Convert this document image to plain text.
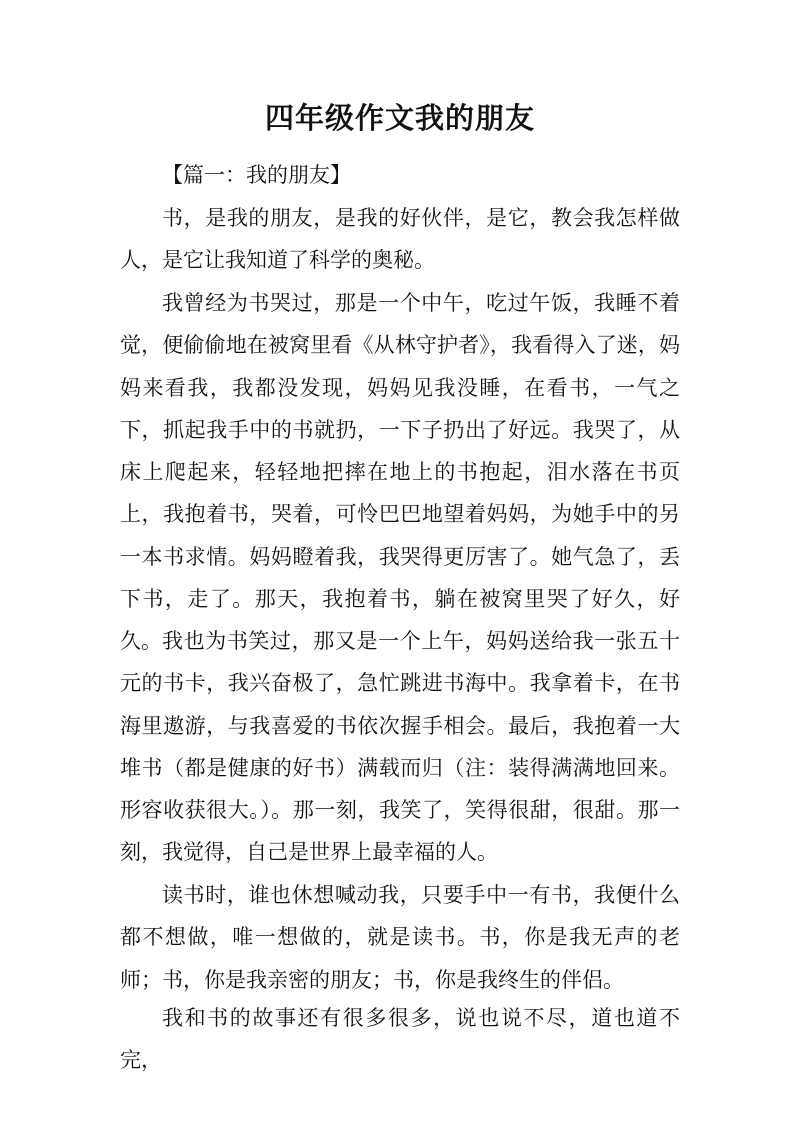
四年级作文我的朋友
【篇一：我的朋友】
书，是我的朋友，是我的好伙伴，是它，教会我怎样做人，是它让我知道了科学的奥秘。
我曾经为书哭过，那是一个中午，吃过午饭，我睡不着觉，便偷偷地在被窝里看《从林守护者》，我看得入了迷，妈妈来看我，我都没发现，妈妈见我没睡，在看书，一气之下，抓起我手中的书就扔，一下子扔出了好远。我哭了，从床上爬起来，轻轻地把摔在地上的书抱起，泪水落在书页上，我抱着书，哭着，可怜巴巴地望着妈妈，为她手中的另一本书求情。妈妈瞪着我，我哭得更厉害了。她气急了，丢下书，走了。那天，我抱着书，躺在被窝里哭了好久，好久。 我也为书笑过，那又是一个上午，妈妈送给我一张五十元的书卡，我兴奋极了，急忙跳进书海中。我拿着卡，在书海里遨游，与我喜爱的书依次握手相会。最后，我抱着一大堆书（都是健康的好书）满载而归（注：装得满满地回来。形容收获很大。）。那一刻，我笑了，笑得很甜，很甜。那一刻，我觉得，自己是世界上最幸福的人。
读书时，谁也休想喊动我，只要手中一有书，我便什么都不想做，唯一想做的，就是读书。书，你是我无声的老师；书，你是我亲密的朋友；书，你是我终生的伴侣。
我和书的故事还有很多很多，说也说不尽，道也道不完，
